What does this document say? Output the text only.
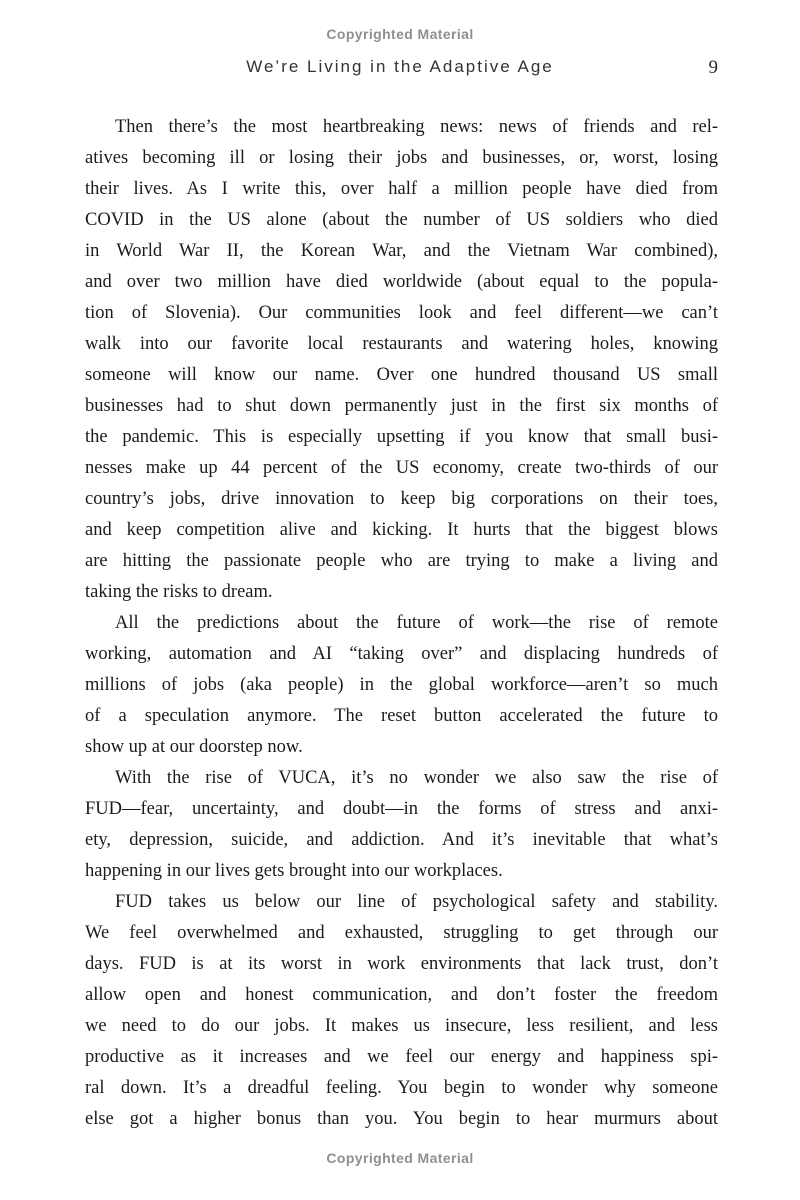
Copyrighted Material
We’re Living in the Adaptive Age	9
Then there’s the most heartbreaking news: news of friends and rel-
atives becoming ill or losing their jobs and businesses, or, worst, losing
their lives. As I write this, over half a million people have died from
COVID in the US alone (about the number of US soldiers who died
in World War II, the Korean War, and the Vietnam War combined),
and over two million have died worldwide (about equal to the popula-
tion of Slovenia). Our communities look and feel different—we can’t
walk into our favorite local restaurants and watering holes, knowing
someone will know our name. Over one hundred thousand US small
businesses had to shut down permanently just in the first six months of
the pandemic. This is especially upsetting if you know that small busi-
nesses make up 44 percent of the US economy, create two-thirds of our
country’s jobs, drive innovation to keep big corporations on their toes,
and keep competition alive and kicking. It hurts that the biggest blows
are hitting the passionate people who are trying to make a living and
taking the risks to dream.
All the predictions about the future of work—the rise of remote
working, automation and AI “taking over” and displacing hundreds of
millions of jobs (aka people) in the global workforce—aren’t so much
of a speculation anymore. The reset button accelerated the future to
show up at our doorstep now.
With the rise of VUCA, it’s no wonder we also saw the rise of
FUD—fear, uncertainty, and doubt—in the forms of stress and anxi-
ety, depression, suicide, and addiction. And it’s inevitable that what’s
happening in our lives gets brought into our workplaces.
FUD takes us below our line of psychological safety and stability.
We feel overwhelmed and exhausted, struggling to get through our
days. FUD is at its worst in work environments that lack trust, don’t
allow open and honest communication, and don’t foster the freedom
we need to do our jobs. It makes us insecure, less resilient, and less
productive as it increases and we feel our energy and happiness spi-
ral down. It’s a dreadful feeling. You begin to wonder why someone
else got a higher bonus than you. You begin to hear murmurs about
Copyrighted Material
